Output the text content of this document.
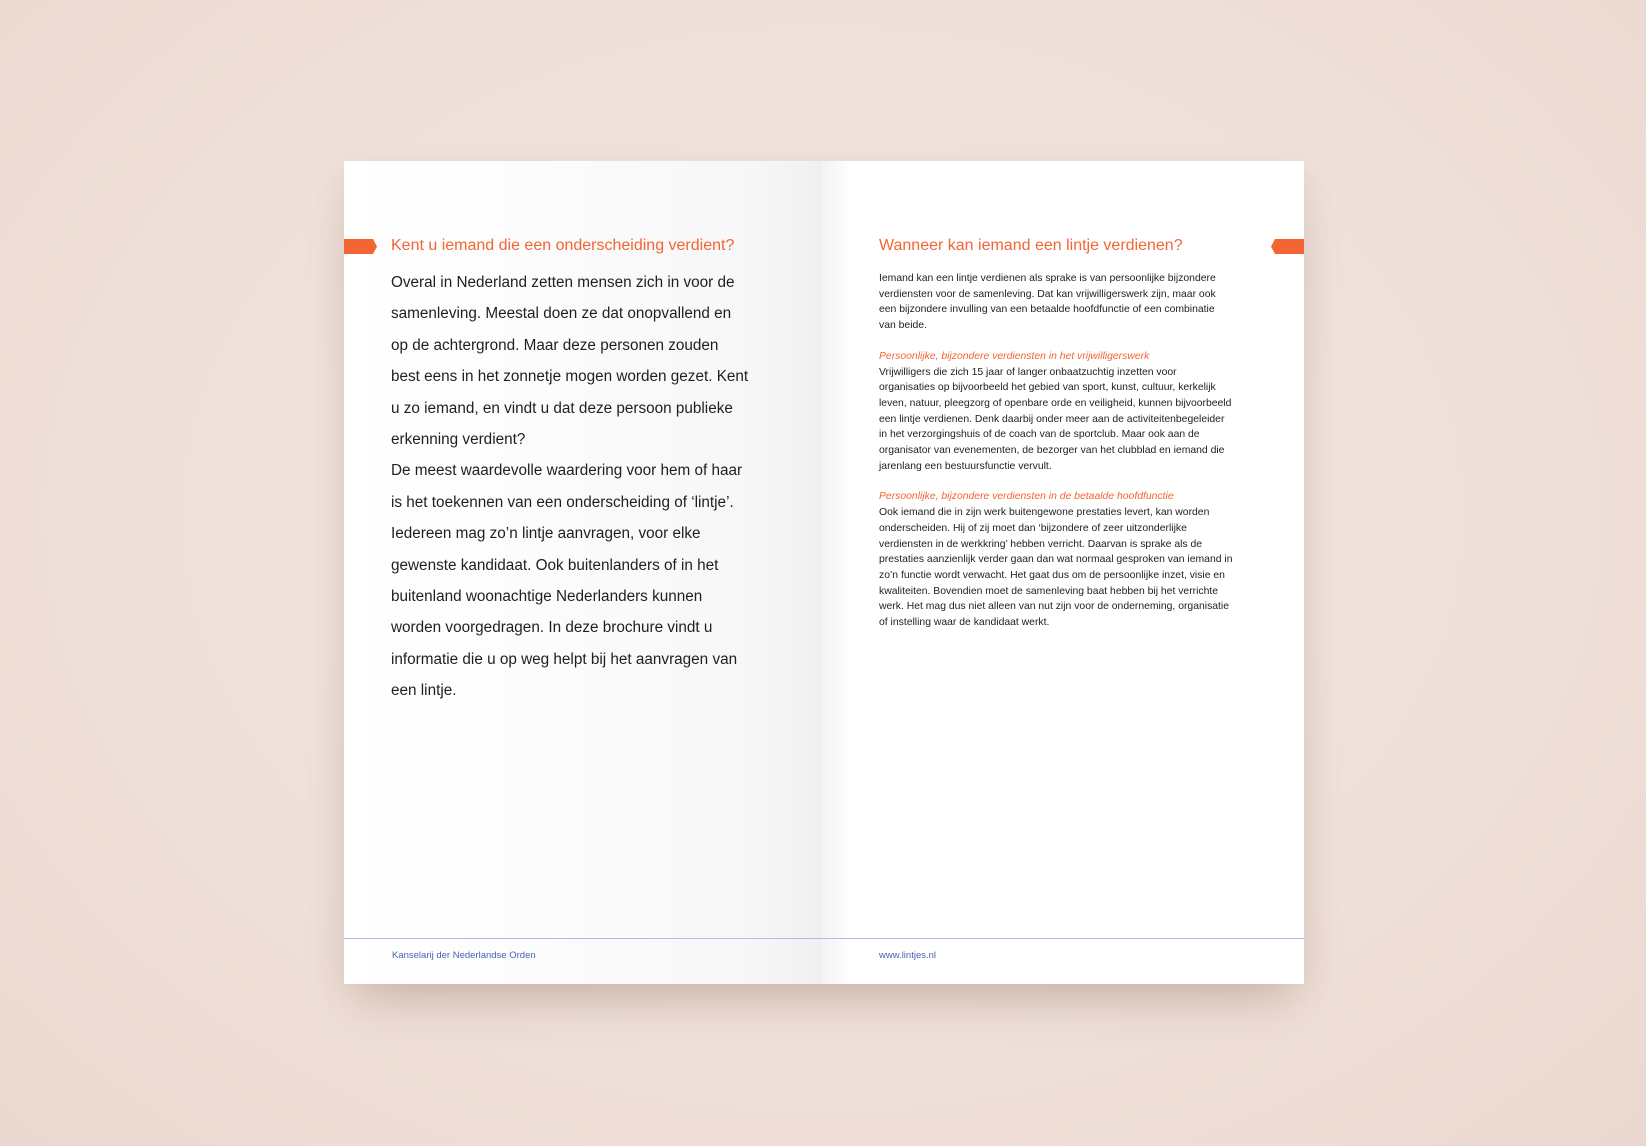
Kent u iemand die een onderscheiding verdient?

Overal in Nederland zetten mensen zich in voor de samenleving. Meestal doen ze dat onopvallend en op de achtergrond. Maar deze personen zouden best eens in het zonnetje mogen worden gezet. Kent u zo iemand, en vindt u dat deze persoon publieke erkenning verdient?

De meest waardevolle waardering voor hem of haar is het toekennen van een onderscheiding of ‘lintje’. Iedereen mag zo’n lintje aanvragen, voor elke gewenste kandidaat. Ook buitenlanders of in het buitenland woonachtige Nederlanders kunnen worden voorgedragen. In deze brochure vindt u informatie die u op weg helpt bij het aanvragen van een lintje.

Kanselarij der Nederlandse Orden
Wanneer kan iemand een lintje verdienen?

Iemand kan een lintje verdienen als sprake is van persoonlijke bijzondere verdiensten voor de samenleving. Dat kan vrijwilligerswerk zijn, maar ook een bijzondere invulling van een betaalde hoofdfunctie of een combinatie van beide.

Persoonlijke, bijzondere verdiensten in het vrijwilligerswerk

Vrijwilligers die zich 15 jaar of langer onbaatzuchtig inzetten voor organisaties op bijvoorbeeld het gebied van sport, kunst, cultuur, kerkelijk leven, natuur, pleegzorg of openbare orde en veiligheid, kunnen bijvoorbeeld een lintje verdienen. Denk daarbij onder meer aan de activiteitenbegeleider in het verzorgingshuis of de coach van de sportclub. Maar ook aan de organisator van evenementen, de bezorger van het clubblad en iemand die jarenlang een bestuursfunctie vervult.

Persoonlijke, bijzondere verdiensten in de betaalde hoofdfunctie

Ook iemand die in zijn werk buitengewone prestaties levert, kan worden onderscheiden. Hij of zij moet dan ‘bijzondere of zeer uitzonderlijke verdiensten in de werkkring’ hebben verricht. Daarvan is sprake als de prestaties aanzienlijk verder gaan dan wat normaal gesproken van iemand in zo’n functie wordt verwacht. Het gaat dus om de persoonlijke inzet, visie en kwaliteiten. Bovendien moet de samenleving baat hebben bij het verrichte werk. Het mag dus niet alleen van nut zijn voor de onderneming, organisatie of instelling waar de kandidaat werkt.

www.lintjes.nl
